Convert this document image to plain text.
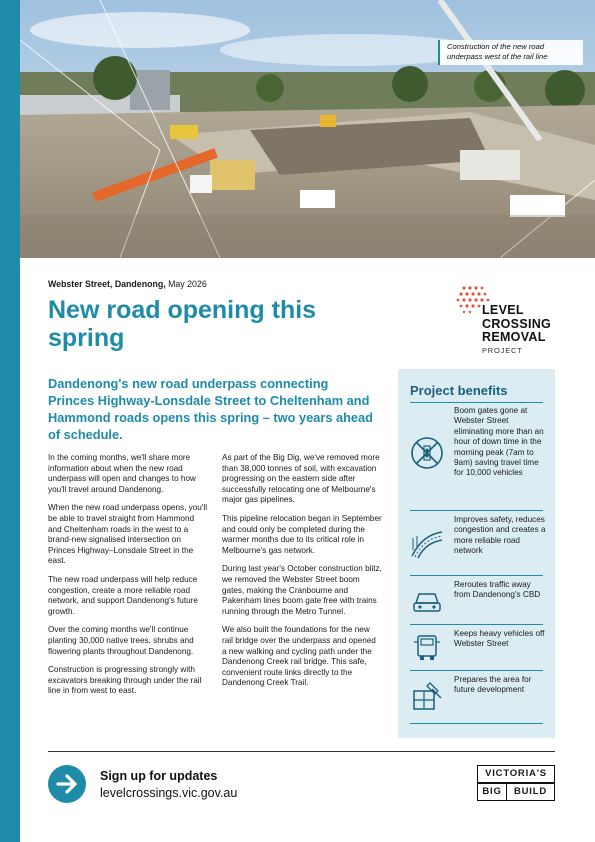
Construction of the new road underpass west of the rail line
Webster Street, Dandenong, May 2026
New road opening this spring
LEVEL
CROSSING
REMOVAL
PROJECT

Dandenong's new road underpass connecting Princes Highway-Lonsdale Street to Cheltenham and Hammond roads opens this spring – two years ahead of schedule.

In the coming months, we'll share more information about when the new road underpass will open and changes to how you'll travel around Dandenong.

When the new road underpass opens, you'll be able to travel straight from Hammond and Cheltenham roads in the west to a brand-new signalised intersection on Princes Highway–Lonsdale Street in the east.

The new road underpass will help reduce congestion, create a more reliable road network, and support Dandenong's future growth.

Over the coming months we'll continue planting 30,000 native trees, shrubs and flowering plants throughout Dandenong.

Construction is progressing strongly with excavators breaking through under the rail line in from west to east.

As part of the Big Dig, we've removed more than 38,000 tonnes of soil, with excavation progressing on the eastern side after successfully relocating one of Melbourne's major gas pipelines.

This pipeline relocation began in September and could only be completed during the warmer months due to its critical role in Melbourne's gas network.

During last year's October construction blitz, we removed the Webster Street boom gates, making the Cranbourne and Pakenham lines boom gate free with trains running through the Metro Tunnel.

We also built the foundations for the new rail bridge over the underpass and opened a new walking and cycling path under the Dandenong Creek rail bridge. This safe, convenient route links directly to the Dandenong Creek Trail.

Project benefits
Boom gates gone at Webster Street eliminating more than an hour of down time in the morning peak (7am to 9am) saving travel time for 10,000 vehicles
Improves safety, reduces congestion and creates a more reliable road network
Reroutes traffic away from Dandenong's CBD
Keeps heavy vehicles off Webster Street
Prepares the area for future development
Sign up for updates
levelcrossings.vic.gov.au
VICTORIA'S
BIG	BUILD
